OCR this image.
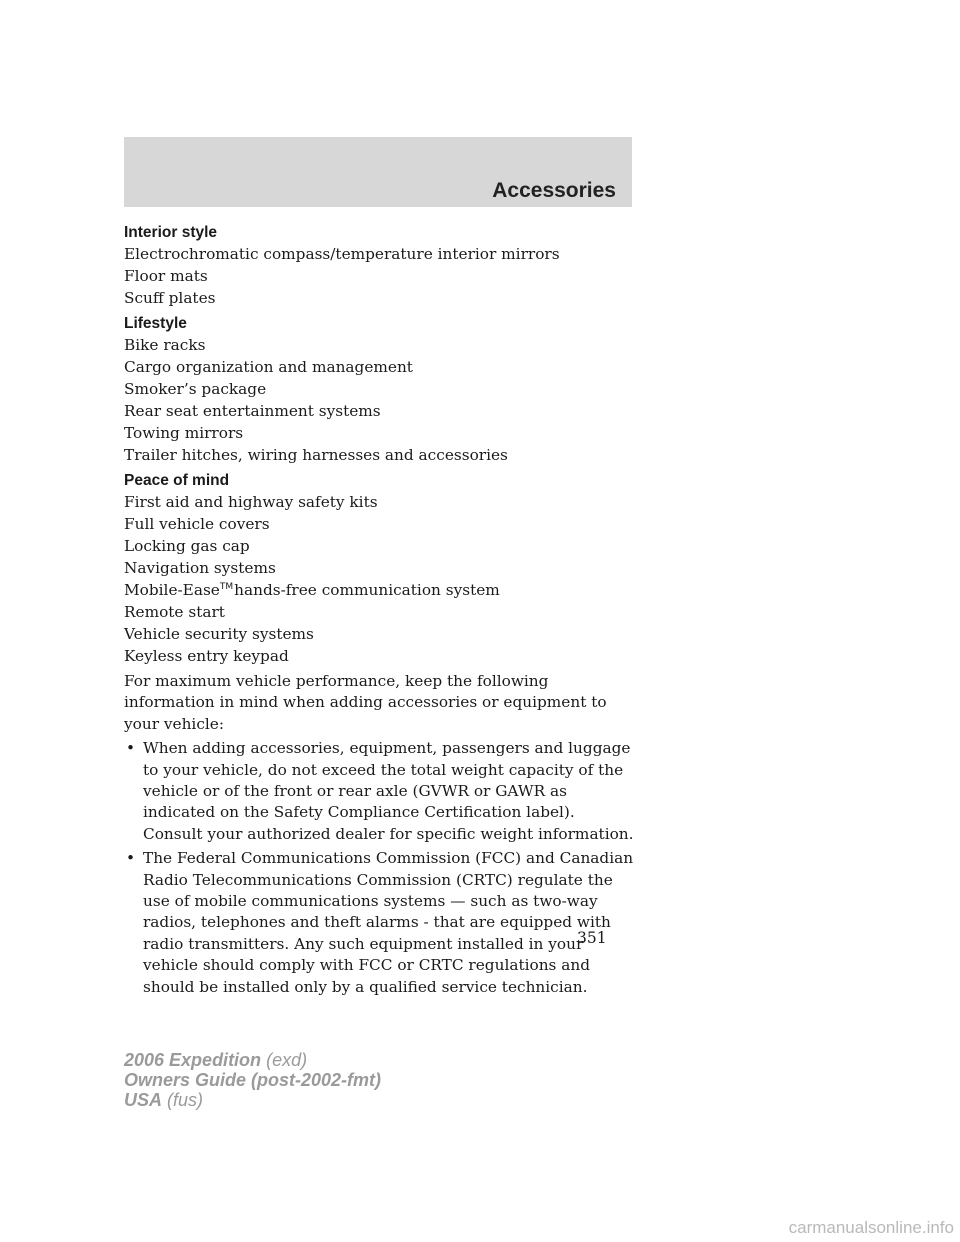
Accessories
Interior style
Electrochromatic compass/temperature interior mirrors
Floor mats
Scuff plates
Lifestyle
Bike racks
Cargo organization and management
Smoker’s package
Rear seat entertainment systems
Towing mirrors
Trailer hitches, wiring harnesses and accessories
Peace of mind
First aid and highway safety kits
Full vehicle covers
Locking gas cap
Navigation systems
Mobile-Ease™hands-free communication system
Remote start
Vehicle security systems
Keyless entry keypad
For maximum vehicle performance, keep the following information in mind when adding accessories or equipment to your vehicle:
• When adding accessories, equipment, passengers and luggage to your vehicle, do not exceed the total weight capacity of the vehicle or of the front or rear axle (GVWR or GAWR as indicated on the Safety Compliance Certification label). Consult your authorized dealer for specific weight information.
• The Federal Communications Commission (FCC) and Canadian Radio Telecommunications Commission (CRTC) regulate the use of mobile communications systems — such as two-way radios, telephones and theft alarms - that are equipped with radio transmitters. Any such equipment installed in your vehicle should comply with FCC or CRTC regulations and should be installed only by a qualified service technician.
351
2006 Expedition (exd)
Owners Guide (post-2002-fmt)
USA (fus)
carmanualsonline.info
